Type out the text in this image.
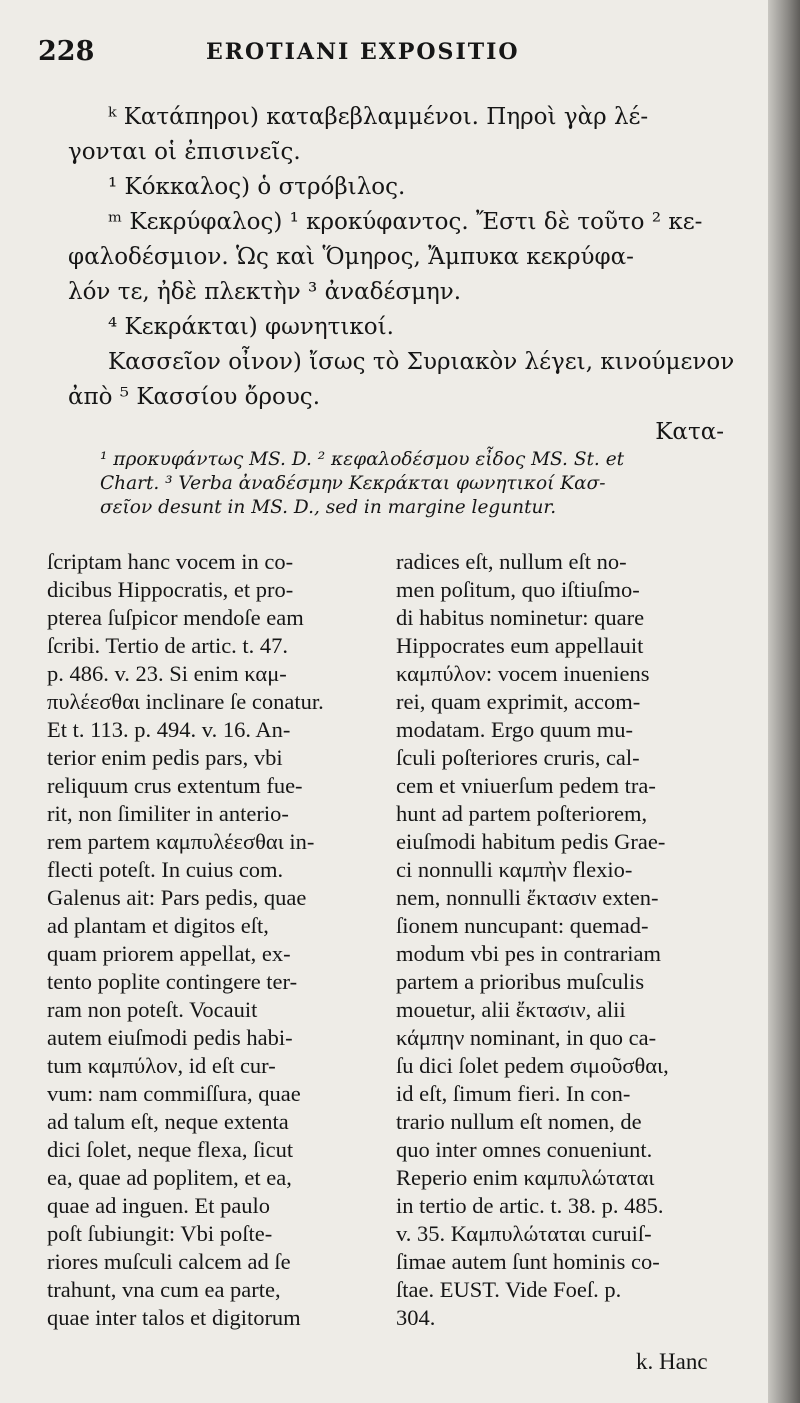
228	EROTIANI EXPOSITIO

ᵏ Κατάπηροι) καταβεβλαμμένοι. Πηροὶ γὰρ λέ-

γονται οἱ ἐπισινεῖς.

¹ Κόκκαλος) ὁ στρόβιλος.

ᵐ Κεκρύφαλος) ¹ κροκύφαντος. Ἔστι δὲ τοῦτο ² κε-

φαλοδέσμιον. Ὡς καὶ Ὅμηρος, Ἄμπυκα κεκρύφα-

λόν τε, ἠδὲ πλεκτὴν ³ ἀναδέσμην.

⁴ Κεκράκται) φωνητικοί.

Κασσεῖον οἶνον) ἴσως τὸ Συριακὸν λέγει, κινούμενον

ἀπὸ ⁵ Κασσίου ὄρους.

Κατα-

¹ προκυφάντως MS. D. ² κεφαλοδέσμου εἶδος MS. St. et

Chart. ³ Verba ἀναδέσμην Κεκράκται φωνητικοί Κασ-

σεῖον desunt in MS. D., sed in margine leguntur.

ſcriptam hanc vocem in co-

dicibus Hippocratis, et pro-

pterea ſuſpicor mendoſe eam

ſcribi. Tertio de artic. t. 47.

p. 486. v. 23. Si enim καμ-

πυλέεσθαι inclinare ſe conatur.

Et t. 113. p. 494. v. 16. An-

terior enim pedis pars, vbi

reliquum crus extentum fue-

rit, non ſimiliter in anterio-

rem partem καμπυλέεσθαι in-

flecti poteſt. In cuius com.

Galenus ait: Pars pedis, quae

ad plantam et digitos eſt,

quam priorem appellat, ex-

tento poplite contingere ter-

ram non poteſt. Vocauit

autem eiuſmodi pedis habi-

tum καμπύλον, id eſt cur-

vum: nam commiſſura, quae

ad talum eſt, neque extenta

dici ſolet, neque flexa, ſicut

ea, quae ad poplitem, et ea,

quae ad inguen. Et paulo

poſt ſubiungit: Vbi poſte-

riores muſculi calcem ad ſe

trahunt, vna cum ea parte,

quae inter talos et digitorum

radices eſt, nullum eſt no-

men poſitum, quo iſtiuſmo-

di habitus nominetur: quare

Hippocrates eum appellauit

καμπύλον: vocem inueniens

rei, quam exprimit, accom-

modatam. Ergo quum mu-

ſculi poſteriores cruris, cal-

cem et vniuerſum pedem tra-

hunt ad partem poſteriorem,

eiuſmodi habitum pedis Grae-

ci nonnulli καμπὴν flexio-

nem, nonnulli ἔκτασιν exten-

ſionem nuncupant: quemad-

modum vbi pes in contrariam

partem a prioribus muſculis

mouetur, alii ἔκτασιν, alii

κάμπην nominant, in quo ca-

ſu dici ſolet pedem σιμοῦσθαι,

id eſt, ſimum fieri. In con-

trario nullum eſt nomen, de

quo inter omnes conueniunt.

Reperio enim καμπυλώταται

in tertio de artic. t. 38. p. 485.

v. 35. Καμπυλώταται curuiſ-

ſimae autem ſunt hominis co-

ſtae. EUST. Vide Foeſ. p.

304.

k. Hanc
